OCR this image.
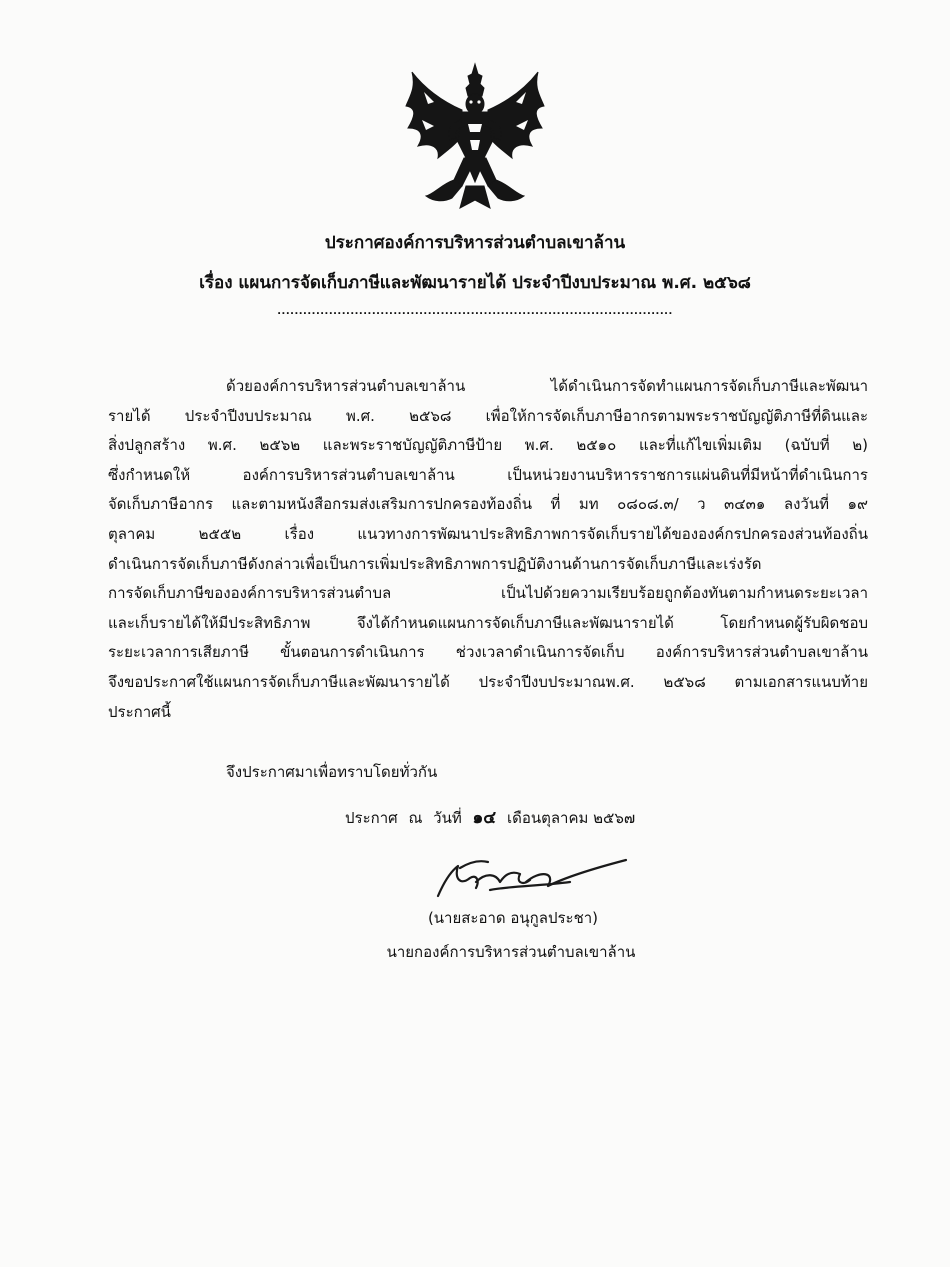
ประกาศองค์การบริหารส่วนตำบลเขาล้าน
เรื่อง แผนการจัดเก็บภาษีและพัฒนารายได้ ประจำปีงบประมาณ พ.ศ. ๒๕๖๘
............................................................................................
ด้วยองค์การบริหารส่วนตำบลเขาล้าน ได้ดำเนินการจัดทำแผนการจัดเก็บภาษีและพัฒนา
รายได้ ประจำปีงบประมาณ พ.ศ. ๒๕๖๘ เพื่อให้การจัดเก็บภาษีอากรตามพระราชบัญญัติภาษีที่ดินและ
สิ่งปลูกสร้าง พ.ศ. ๒๕๖๒ และพระราชบัญญัติภาษีป้าย พ.ศ. ๒๕๑๐ และที่แก้ไขเพิ่มเติม (ฉบับที่ ๒)
ซึ่งกำหนดให้ องค์การบริหารส่วนตำบลเขาล้าน เป็นหน่วยงานบริหารราชการแผ่นดินที่มีหน้าที่ดำเนินการ
จัดเก็บภาษีอากร และตามหนังสือกรมส่งเสริมการปกครองท้องถิ่น ที่ มท ๐๘๐๘.๓/ ว ๓๔๓๑ ลงวันที่ ๑๙
ตุลาคม ๒๕๕๒ เรื่อง แนวทางการพัฒนาประสิทธิภาพการจัดเก็บรายได้ขององค์กรปกครองส่วนท้องถิ่น
ดำเนินการจัดเก็บภาษีดังกล่าวเพื่อเป็นการเพิ่มประสิทธิภาพการปฏิบัติงานด้านการจัดเก็บภาษีและเร่งรัด
การจัดเก็บภาษีขององค์การบริหารส่วนตำบล เป็นไปด้วยความเรียบร้อยถูกต้องทันตามกำหนดระยะเวลา
และเก็บรายได้ให้มีประสิทธิภาพ จึงได้กำหนดแผนการจัดเก็บภาษีและพัฒนารายได้ โดยกำหนดผู้รับผิดชอบ
ระยะเวลาการเสียภาษี ขั้นตอนการดำเนินการ ช่วงเวลาดำเนินการจัดเก็บ องค์การบริหารส่วนตำบลเขาล้าน
จึงขอประกาศใช้แผนการจัดเก็บภาษีและพัฒนารายได้ ประจำปีงบประมาณพ.ศ. ๒๕๖๘ ตามเอกสารแนบท้าย
ประกาศนี้
จึงประกาศมาเพื่อทราบโดยทั่วกัน
ประกาศ ณ วันที่ ๑๔ เดือนตุลาคม ๒๕๖๗
(นายสะอาด อนุกูลประชา)
นายกองค์การบริหารส่วนตำบลเขาล้าน
